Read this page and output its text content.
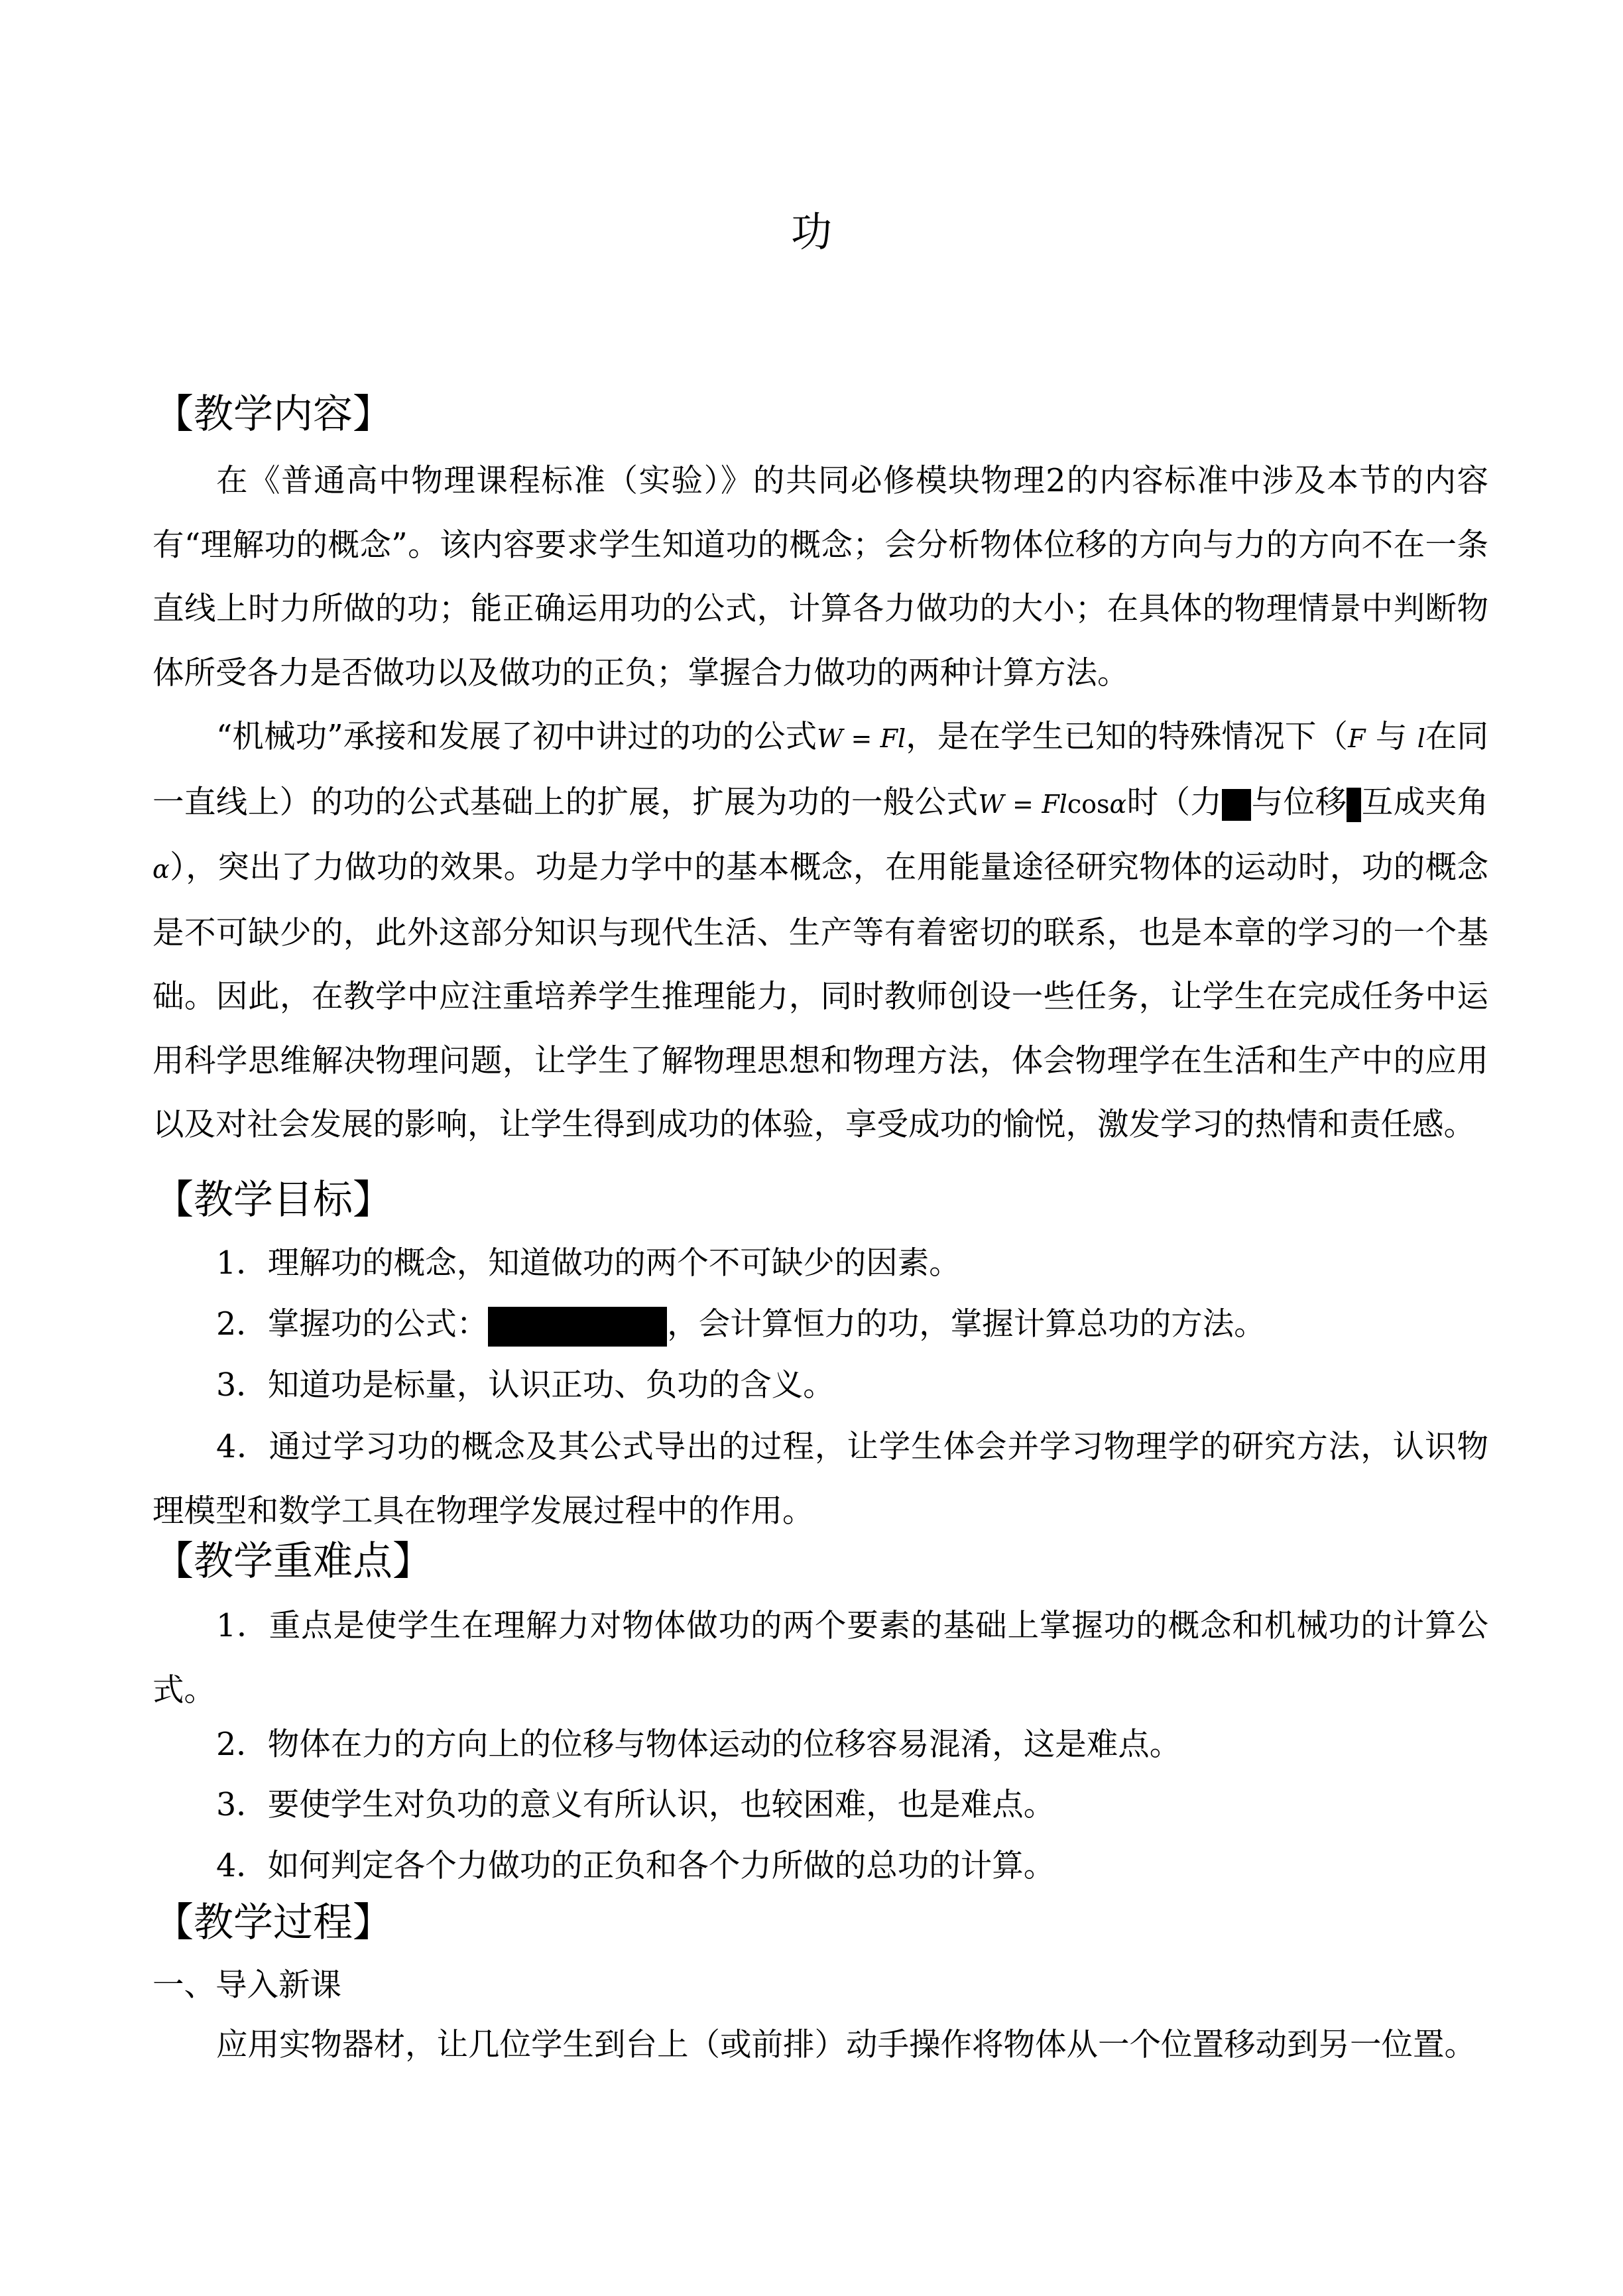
功
【教学内容】

在《普通高中物理课程标准（实验）》的共同必修模块物理2的内容标准中涉及本节的内容有“理解功的概念”。该内容要求学生知道功的概念；会分析物体位移的方向与力的方向不在一条直线上时力所做的功；能正确运用功的公式，计算各力做功的大小；在具体的物理情景中判断物体所受各力是否做功以及做功的正负；掌握合力做功的两种计算方法。

“机械功”承接和发展了初中讲过的功的公式W = Fl，是在学生已知的特殊情况下（F 与 l在同一直线上）的功的公式基础上的扩展，扩展为功的一般公式W = Flcosα时（力 与位移 互成夹角α），突出了力做功的效果。功是力学中的基本概念，在用能量途径研究物体的运动时，功的概念是不可缺少的，此外这部分知识与现代生活、生产等有着密切的联系，也是本章的学习的一个基础。因此，在教学中应注重培养学生推理能力，同时教师创设一些任务，让学生在完成任务中运用科学思维解决物理问题，让学生了解物理思想和物理方法，体会物理学在生活和生产中的应用以及对社会发展的影响，让学生得到成功的体验，享受成功的愉悦，激发学习的热情和责任感。

【教学目标】
1．理解功的概念，知道做功的两个不可缺少的因素。
2．掌握功的公式：	，会计算恒力的功，掌握计算总功的方法。
3．知道功是标量，认识正功、负功的含义。

4．通过学习功的概念及其公式导出的过程，让学生体会并学习物理学的研究方法，认识物理模型和数学工具在物理学发展过程中的作用。

【教学重难点】

1．重点是使学生在理解力对物体做功的两个要素的基础上掌握功的概念和机械功的计算公式。

2．物体在力的方向上的位移与物体运动的位移容易混淆，这是难点。
3．要使学生对负功的意义有所认识，也较困难，也是难点。
4．如何判定各个力做功的正负和各个力所做的总功的计算。
【教学过程】
一、导入新课
应用实物器材，让几位学生到台上（或前排）动手操作将物体从一个位置移动到另一位置。
